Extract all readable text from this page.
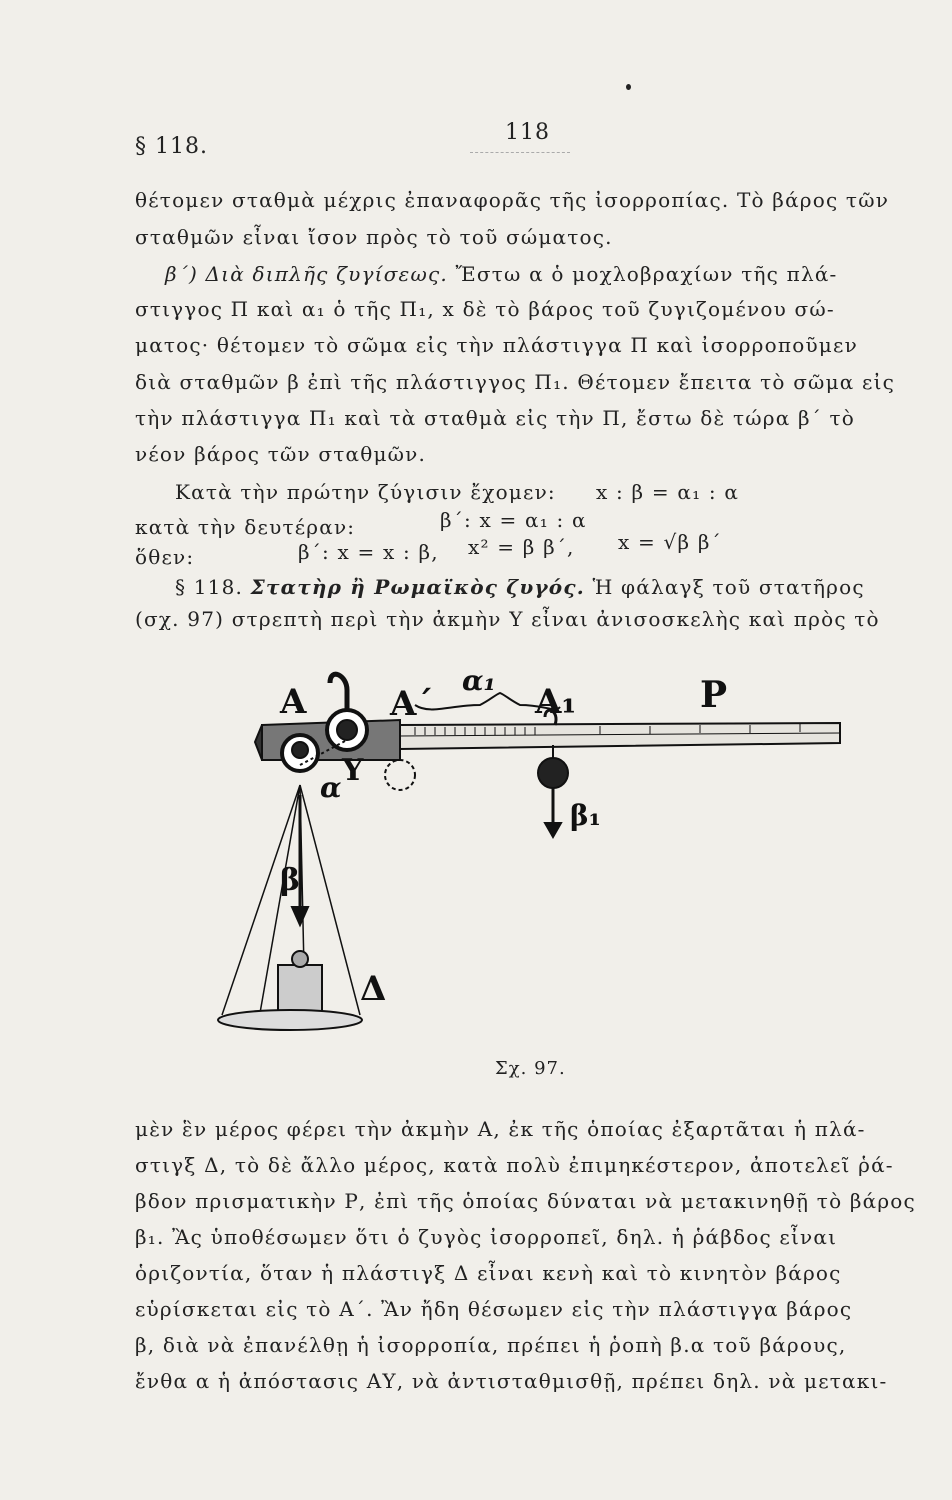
§ 118.
118
θέτομεν σταθμὰ μέχρις ἐπαναφορᾶς τῆς ἰσορροπίας. Τὸ βάρος τῶν
σταθμῶν εἶναι ἴσον πρὸς τὸ τοῦ σώματος.
β΄) Διὰ διπλῆς ζυγίσεως. Ἔστω α ὁ μοχλοβραχίων τῆς πλά-
στιγγος Π καὶ α₁ ὁ τῆς Π₁, x δὲ τὸ βάρος τοῦ ζυγιζομένου σώ-
ματος· θέτομεν τὸ σῶμα εἰς τὴν πλάστιγγα Π καὶ ἰσορροποῦμεν
διὰ σταθμῶν β ἐπὶ τῆς πλάστιγγος Π₁. Θέτομεν ἔπειτα τὸ σῶμα εἰς
τὴν πλάστιγγα Π₁ καὶ τὰ σταθμὰ εἰς τὴν Π, ἔστω δὲ τώρα β΄ τὸ
νέον βάρος τῶν σταθμῶν.
Κατὰ τὴν πρώτην ζύγισιν ἔχομεν:	x : β = α₁ : α
κατὰ τὴν δευτέραν:	β΄: x = α₁ : α
ὅθεν:	β΄: x = x : β,	x² = β β΄,	x = √β β΄
§ 118. Στατὴρ ἢ Ρωμαϊκὸς ζυγός. Ἡ φάλαγξ τοῦ στατῆρος
(σχ. 97) στρεπτὴ περὶ τὴν ἀκμὴν Υ εἶναι ἀνισοσκελὴς καὶ πρὸς τὸ
Α Α΄
α₁
Α₁	Ρ
Υ
α
β
β₁
Δ
Σχ. 97.
μὲν ἓν μέρος φέρει τὴν ἀκμὴν Α, ἐκ τῆς ὁποίας ἐξαρτᾶται ἡ πλά-
στιγξ Δ, τὸ δὲ ἄλλο μέρος, κατὰ πολὺ ἐπιμηκέστερον, ἀποτελεῖ ῥά-
βδον πρισματικὴν Ρ, ἐπὶ τῆς ὁποίας δύναται νὰ μετακινηθῇ τὸ βάρος
β₁. Ἂς ὑποθέσωμεν ὅτι ὁ ζυγὸς ἰσορροπεῖ, δηλ. ἡ ῥάβδος εἶναι
ὁριζοντία, ὅταν ἡ πλάστιγξ Δ εἶναι κενὴ καὶ τὸ κινητὸν βάρος
εὑρίσκεται εἰς τὸ Α΄. Ἂν ἤδη θέσωμεν εἰς τὴν πλάστιγγα βάρος
β, διὰ νὰ ἐπανέλθῃ ἡ ἰσορροπία, πρέπει ἡ ῥοπὴ β.α τοῦ βάρους,
ἔνθα α ἡ ἀπόστασις ΑΥ, νὰ ἀντισταθμισθῇ, πρέπει δηλ. νὰ μετακι-
